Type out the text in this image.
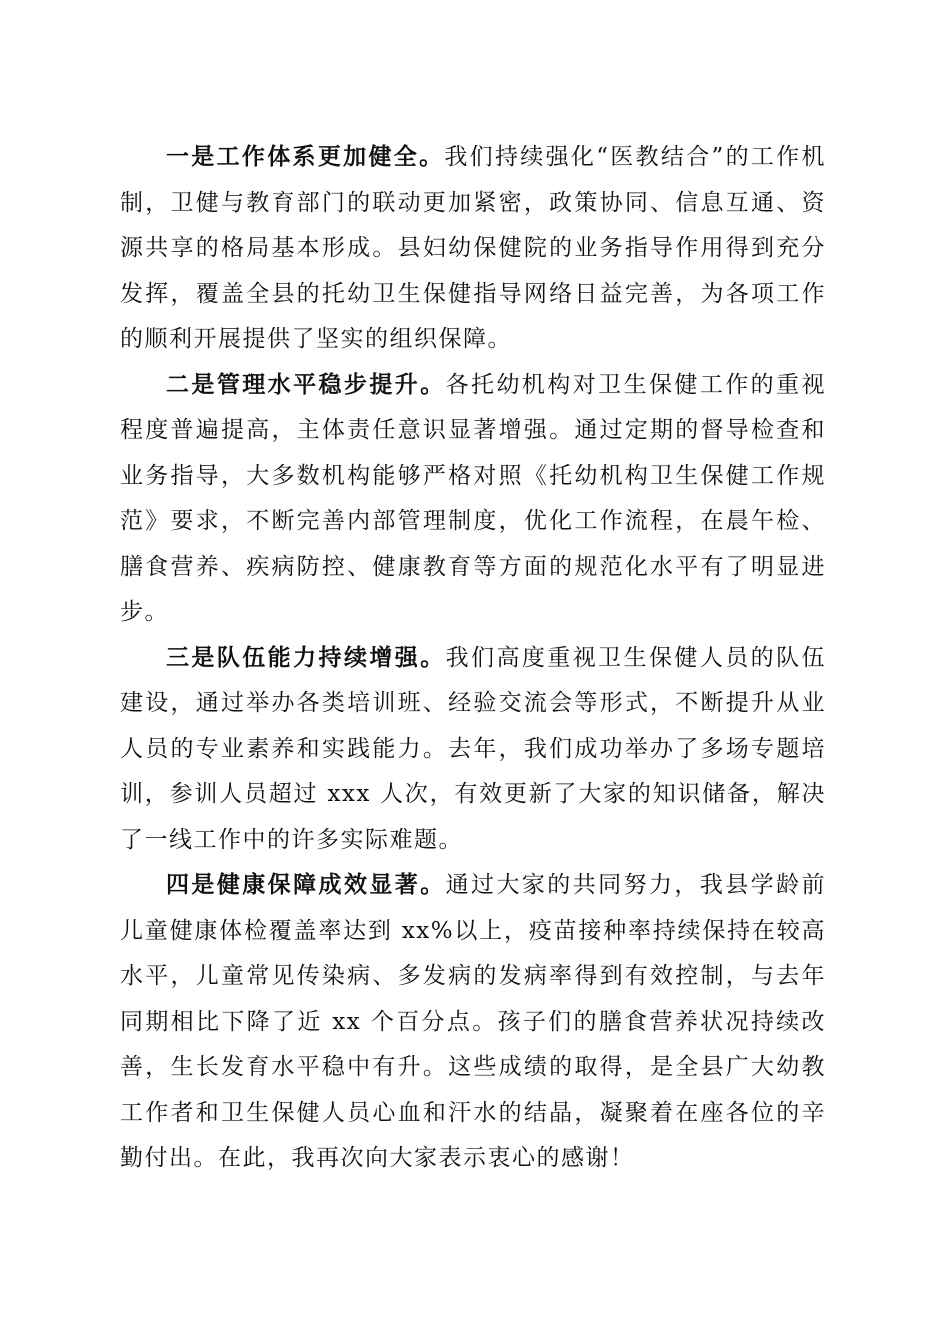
一是工作体系更加健全。我们持续强化“医教结合”的工作机制，卫健与教育部门的联动更加紧密，政策协同、信息互通、资源共享的格局基本形成。县妇幼保健院的业务指导作用得到充分发挥，覆盖全县的托幼卫生保健指导网络日益完善，为各项工作的顺利开展提供了坚实的组织保障。

二是管理水平稳步提升。各托幼机构对卫生保健工作的重视程度普遍提高，主体责任意识显著增强。通过定期的督导检查和业务指导，大多数机构能够严格对照《托幼机构卫生保健工作规范》要求，不断完善内部管理制度，优化工作流程，在晨午检、膳食营养、疾病防控、健康教育等方面的规范化水平有了明显进步。

三是队伍能力持续增强。我们高度重视卫生保健人员的队伍建设，通过举办各类培训班、经验交流会等形式，不断提升从业人员的专业素养和实践能力。去年，我们成功举办了多场专题培训，参训人员超过 xxx 人次，有效更新了大家的知识储备，解决了一线工作中的许多实际难题。

四是健康保障成效显著。通过大家的共同努力，我县学龄前儿童健康体检覆盖率达到 xx%以上，疫苗接种率持续保持在较高水平，儿童常见传染病、多发病的发病率得到有效控制，与去年同期相比下降了近 xx 个百分点。孩子们的膳食营养状况持续改善，生长发育水平稳中有升。这些成绩的取得，是全县广大幼教工作者和卫生保健人员心血和汗水的结晶，凝聚着在座各位的辛勤付出。在此，我再次向大家表示衷心的感谢！
